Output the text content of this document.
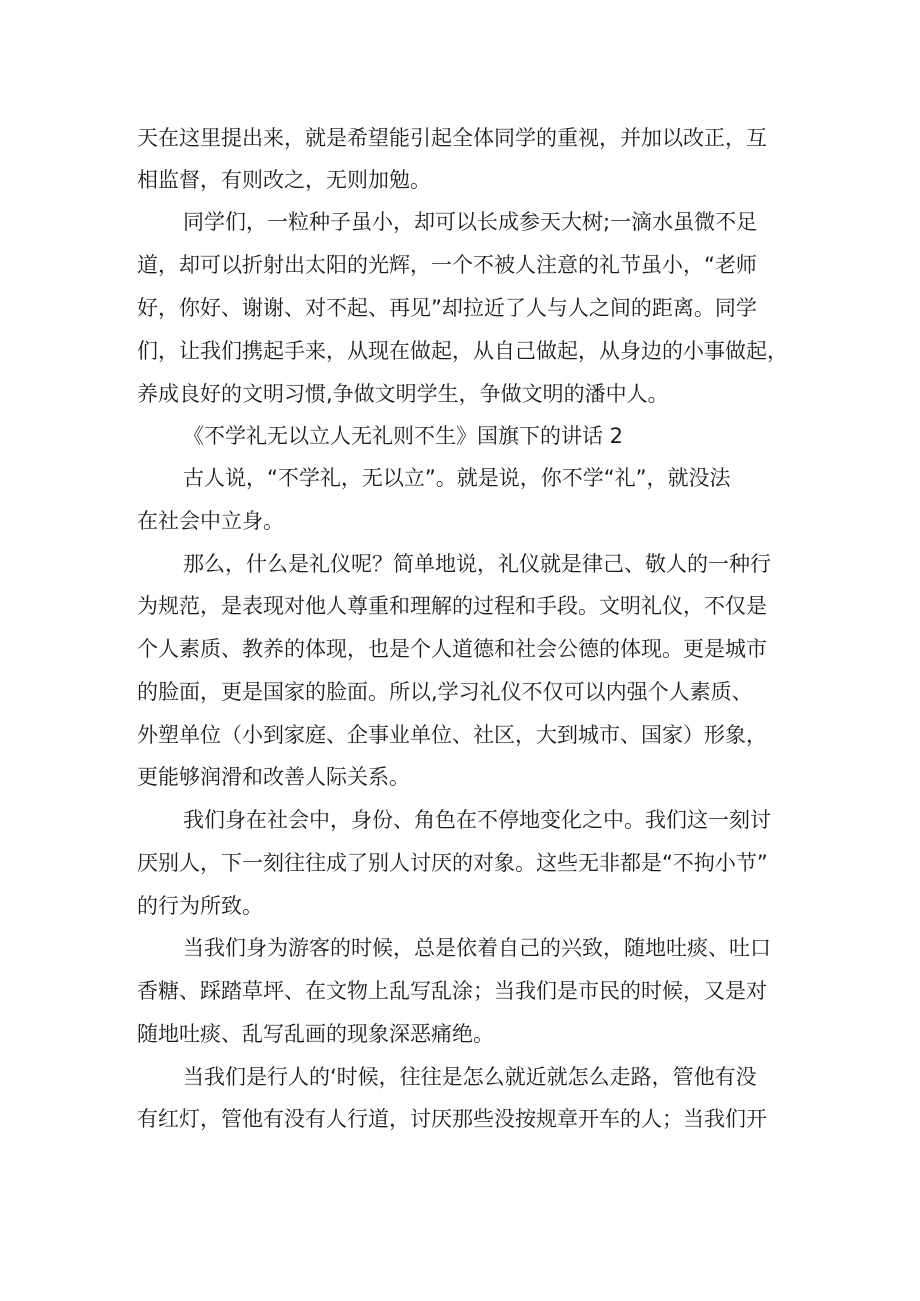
天在这里提出来，就是希望能引起全体同学的重视，并加以改正，互
相监督，有则改之，无则加勉。
同学们，一粒种子虽小，却可以长成参天大树;一滴水虽微不足
道，却可以折射出太阳的光辉，一个不被人注意的礼节虽小，“老师
好，你好、谢谢、对不起、再见”却拉近了人与人之间的距离。同学
们，让我们携起手来，从现在做起，从自己做起，从身边的小事做起，
养成良好的文明习惯,争做文明学生，争做文明的潘中人。
《不学礼无以立人无礼则不生》国旗下的讲话 2
古人说，“不学礼，无以立”。就是说，你不学“礼”，就没法
在社会中立身。
那么，什么是礼仪呢？简单地说，礼仪就是律己、敬人的一种行
为规范，是表现对他人尊重和理解的过程和手段。文明礼仪，不仅是
个人素质、教养的体现，也是个人道德和社会公德的体现。更是城市
的脸面，更是国家的脸面。所以,学习礼仪不仅可以内强个人素质、
外塑单位（小到家庭、企事业单位、社区，大到城市、国家）形象，
更能够润滑和改善人际关系。
我们身在社会中，身份、角色在不停地变化之中。我们这一刻讨
厌别人，下一刻往往成了别人讨厌的对象。这些无非都是“不拘小节”
的行为所致。
当我们身为游客的时候，总是依着自己的兴致，随地吐痰、吐口
香糖、踩踏草坪、在文物上乱写乱涂；当我们是市民的时候，又是对
随地吐痰、乱写乱画的现象深恶痛绝。
当我们是行人的‘时候，往往是怎么就近就怎么走路，管他有没
有红灯，管他有没有人行道，讨厌那些没按规章开车的人；当我们开
